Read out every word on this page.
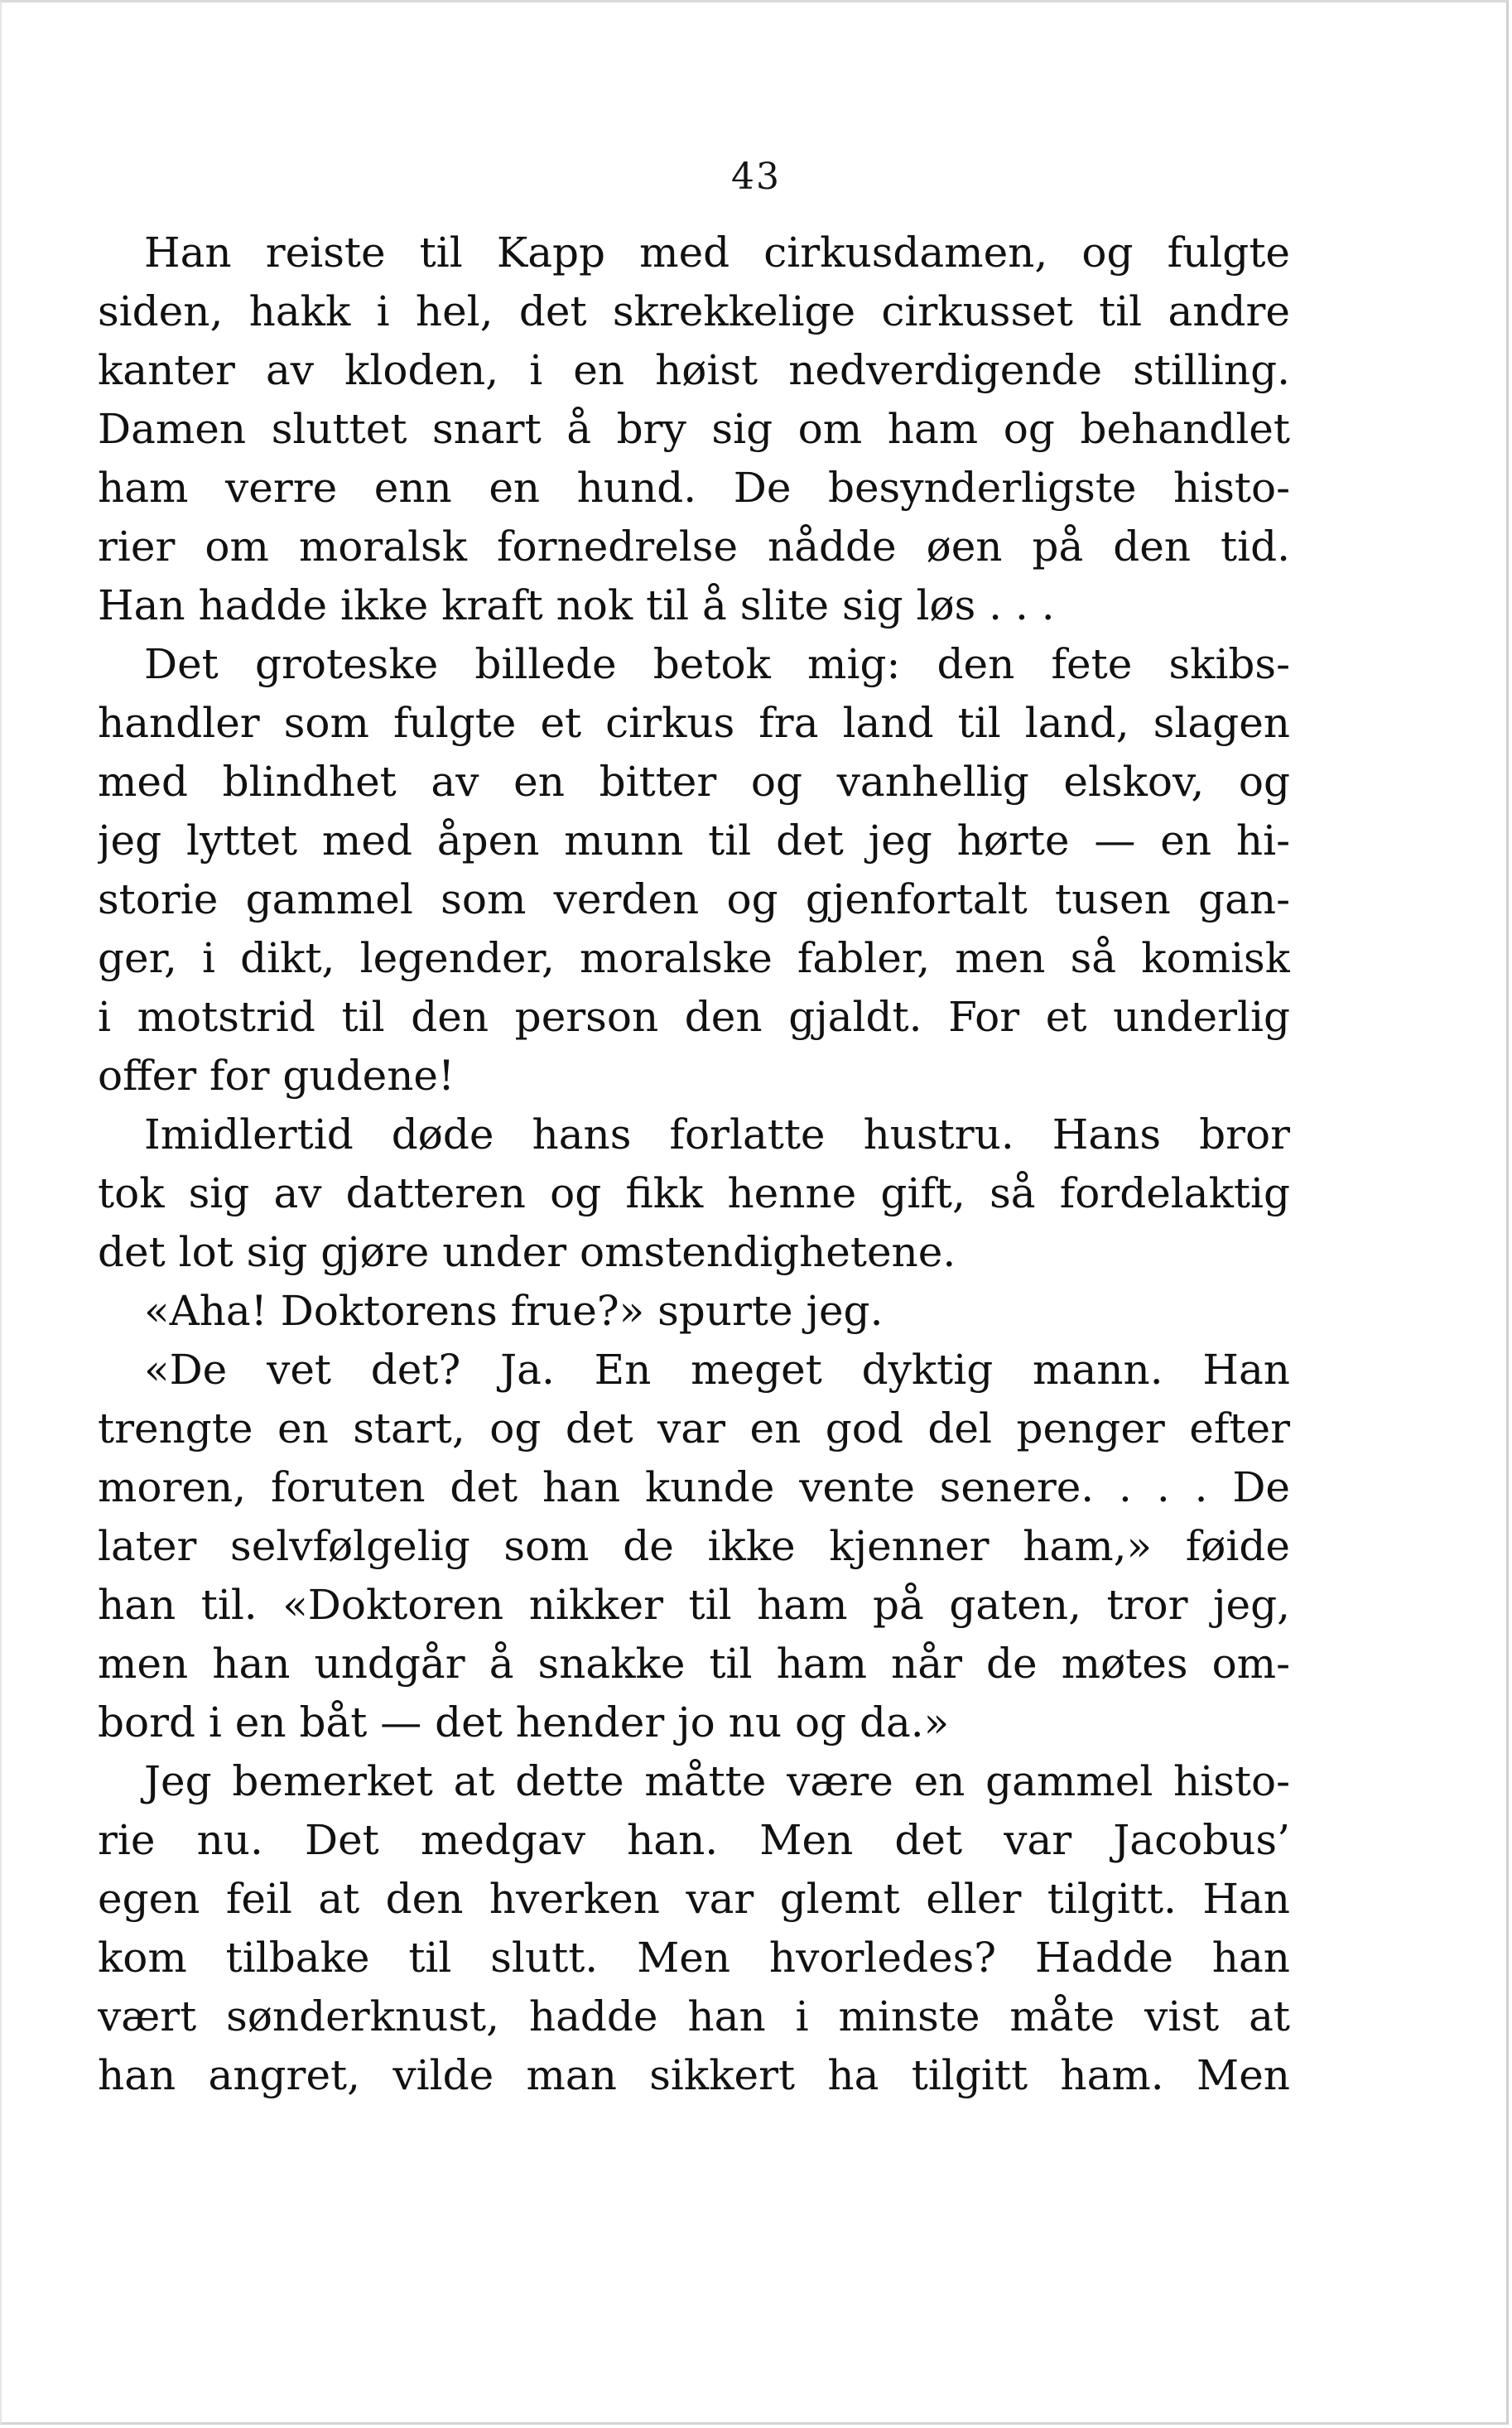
43
Han reiste til Kapp med cirkusdamen, og fulgte
siden, hakk i hel, det skrekkelige cirkusset til andre
kanter av kloden, i en høist nedverdigende stilling.
Damen sluttet snart å bry sig om ham og behandlet
ham verre enn en hund. De besynderligste histo-
rier om moralsk fornedrelse nådde øen på den tid.
Han hadde ikke kraft nok til å slite sig løs . . .
Det groteske billede betok mig: den fete skibs-
handler som fulgte et cirkus fra land til land, slagen
med blindhet av en bitter og vanhellig elskov, og
jeg lyttet med åpen munn til det jeg hørte — en hi-
storie gammel som verden og gjenfortalt tusen gan-
ger, i dikt, legender, moralske fabler, men så komisk
i motstrid til den person den gjaldt. For et underlig
offer for gudene!
Imidlertid døde hans forlatte hustru. Hans bror
tok sig av datteren og fikk henne gift, så fordelaktig
det lot sig gjøre under omstendighetene.
«Aha! Doktorens frue?» spurte jeg.
«De vet det? Ja. En meget dyktig mann. Han
trengte en start, og det var en god del penger efter
moren, foruten det han kunde vente senere. . . . De
later selvfølgelig som de ikke kjenner ham,» føide
han til. «Doktoren nikker til ham på gaten, tror jeg,
men han undgår å snakke til ham når de møtes om-
bord i en båt — det hender jo nu og da.»
Jeg bemerket at dette måtte være en gammel histo-
rie nu. Det medgav han. Men det var Jacobus’
egen feil at den hverken var glemt eller tilgitt. Han
kom tilbake til slutt. Men hvorledes? Hadde han
vært sønderknust, hadde han i minste måte vist at
han angret, vilde man sikkert ha tilgitt ham. Men
